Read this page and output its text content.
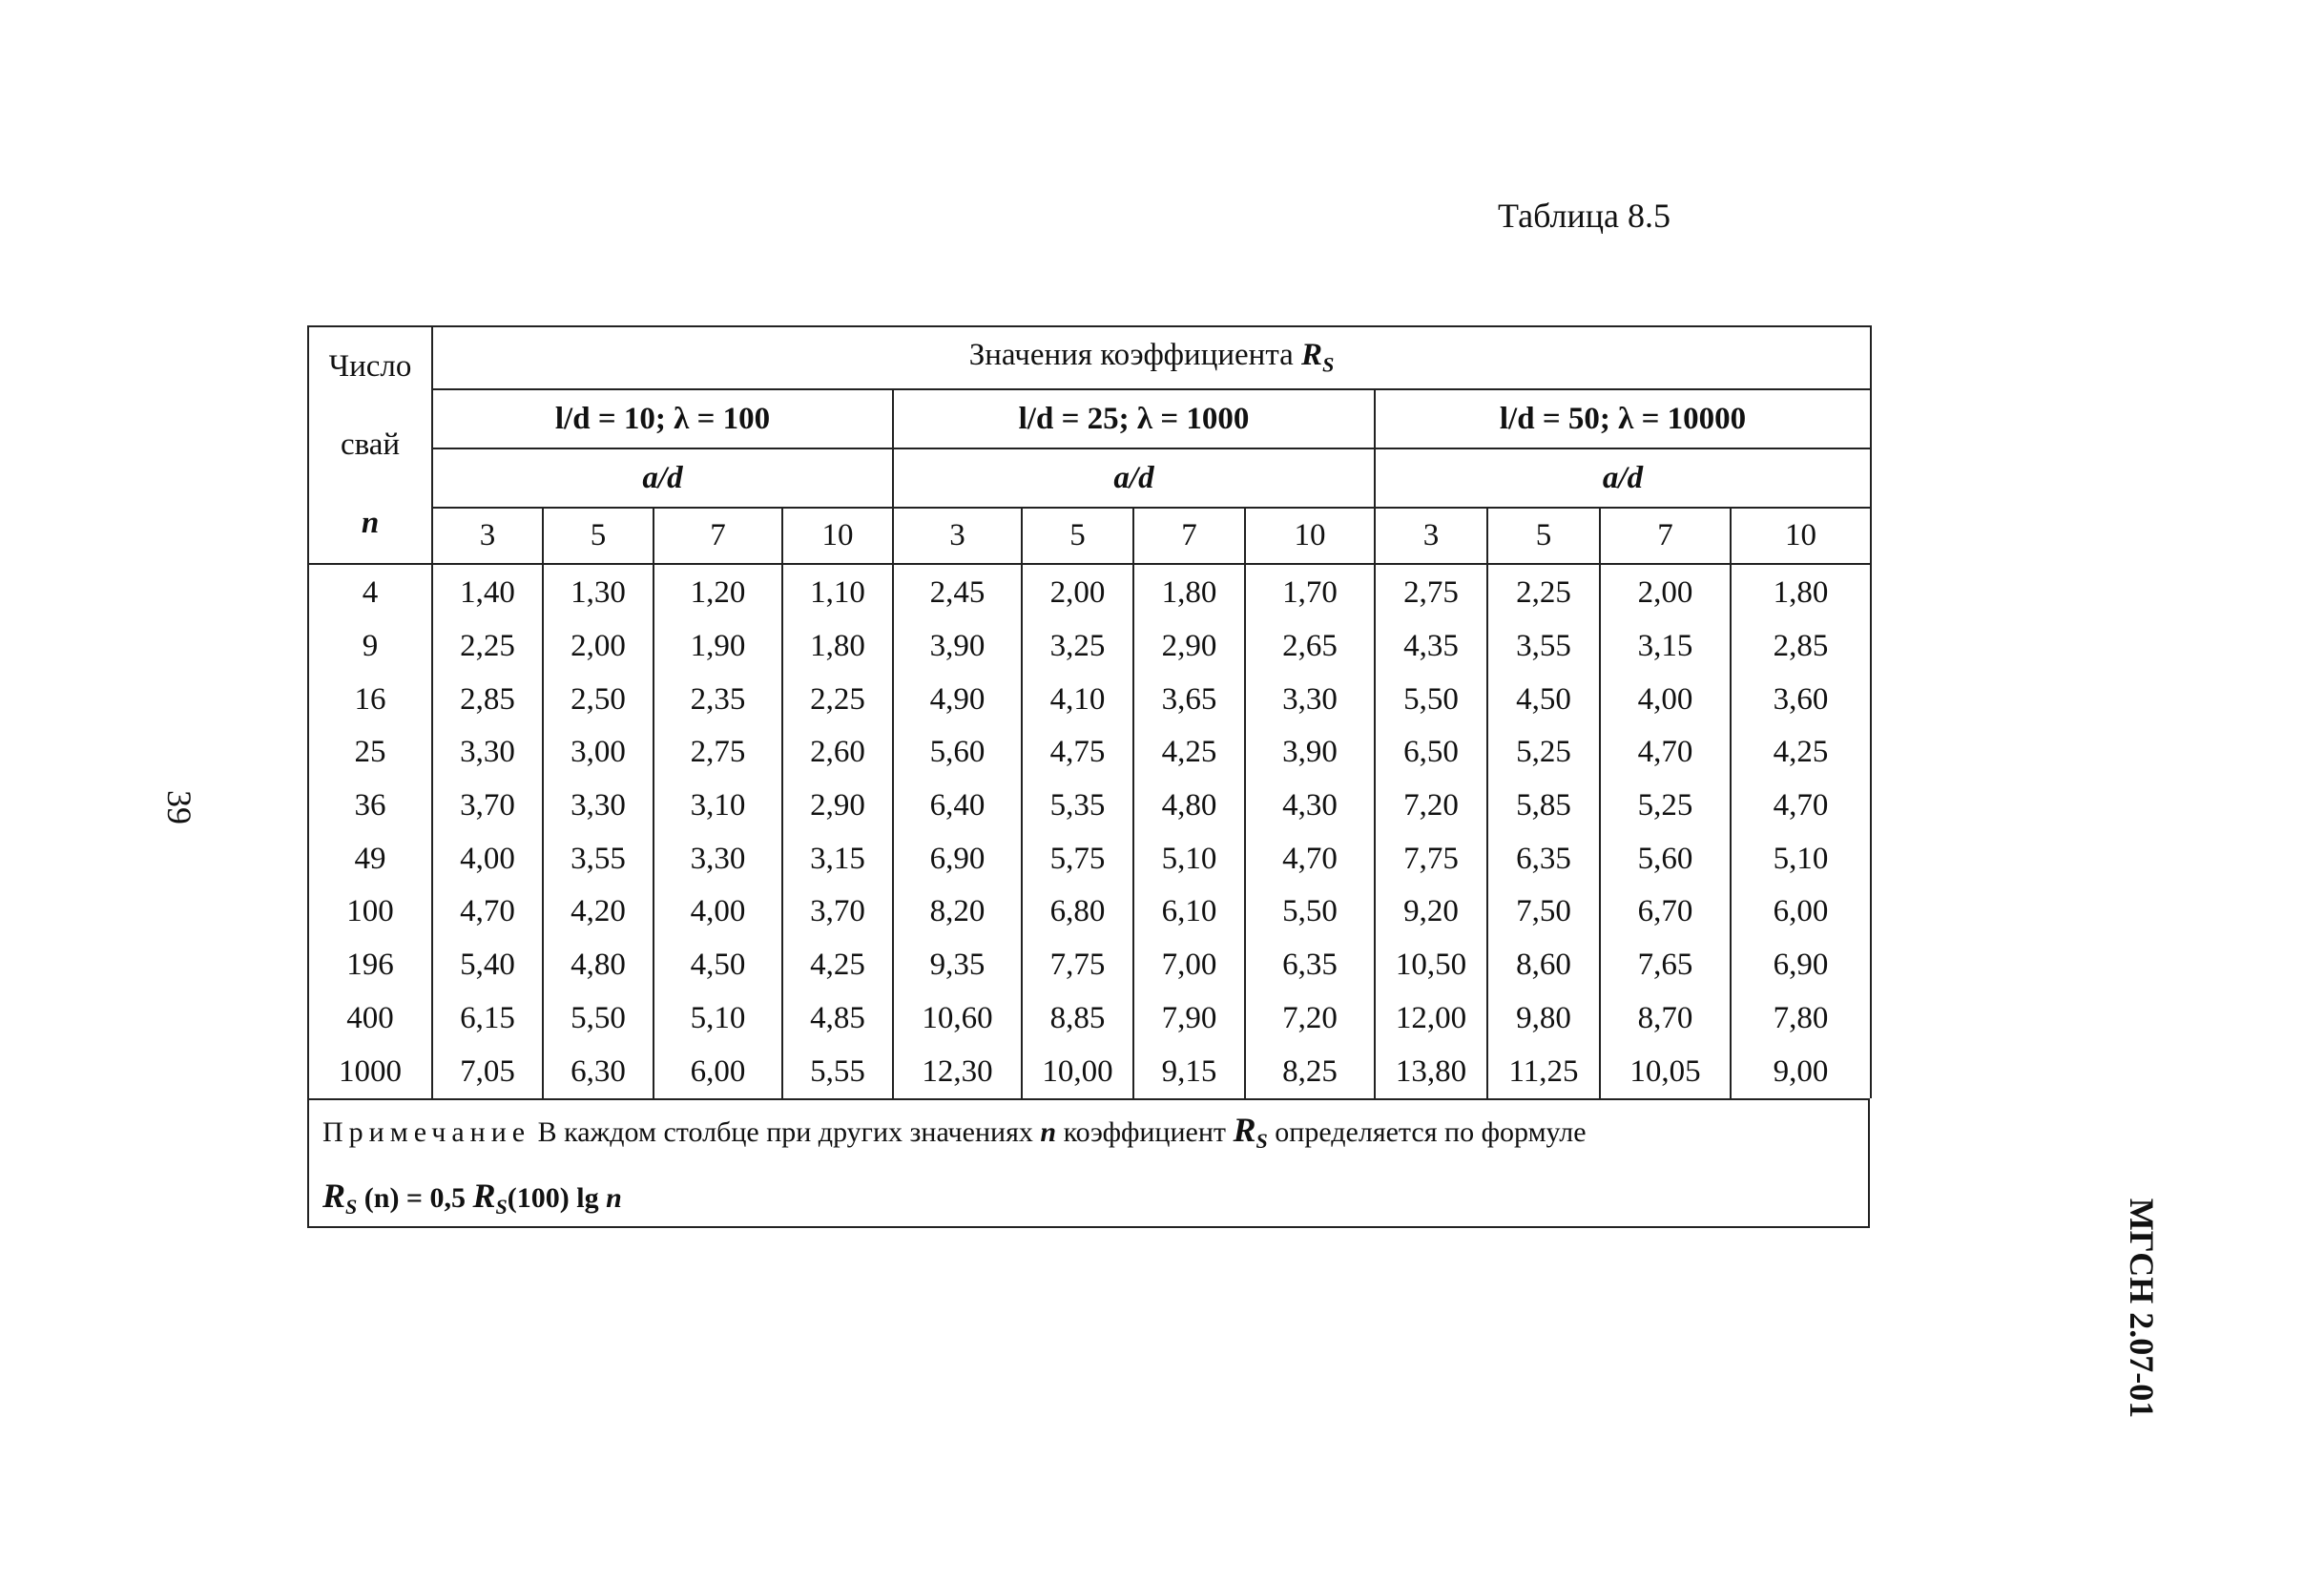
Таблица 8.5
Число
свай
n	Значения коэффициента $R_S$
	l/d = 10; λ = 100				l/d = 25; λ = 1000				l/d = 50; λ = 10000			
	a/d				a/d				a/d			
	3	5	7	10	3	5	7	10	3	5	7	10
4	1,40	1,30	1,20	1,10	2,45	2,00	1,80	1,70	2,75	2,25	2,00	1,80
9	2,25	2,00	1,90	1,80	3,90	3,25	2,90	2,65	4,35	3,55	3,15	2,85
16	2,85	2,50	2,35	2,25	4,90	4,10	3,65	3,30	5,50	4,50	4,00	3,60
25	3,30	3,00	2,75	2,60	5,60	4,75	4,25	3,90	6,50	5,25	4,70	4,25
36	3,70	3,30	3,10	2,90	6,40	5,35	4,80	4,30	7,20	5,85	5,25	4,70
49	4,00	3,55	3,30	3,15	6,90	5,75	5,10	4,70	7,75	6,35	5,60	5,10
100	4,70	4,20	4,00	3,70	8,20	6,80	6,10	5,50	9,20	7,50	6,70	6,00
196	5,40	4,80	4,50	4,25	9,35	7,75	7,00	6,35	10,50	8,60	7,65	6,90
400	6,15	5,50	5,10	4,85	10,60	8,85	7,90	7,20	12,00	9,80	8,70	7,80
1000	7,05	6,30	6,00	5,55	12,30	10,00	9,15	8,25	13,80	11,25	10,05	9,00
Примечание В каждом столбце при других значениях n коэффициент $R_S$ определяется по формуле
$R_S$ (n) = 0,5 $R_S(100)$ lg n
39
МГСН 2.07-01
